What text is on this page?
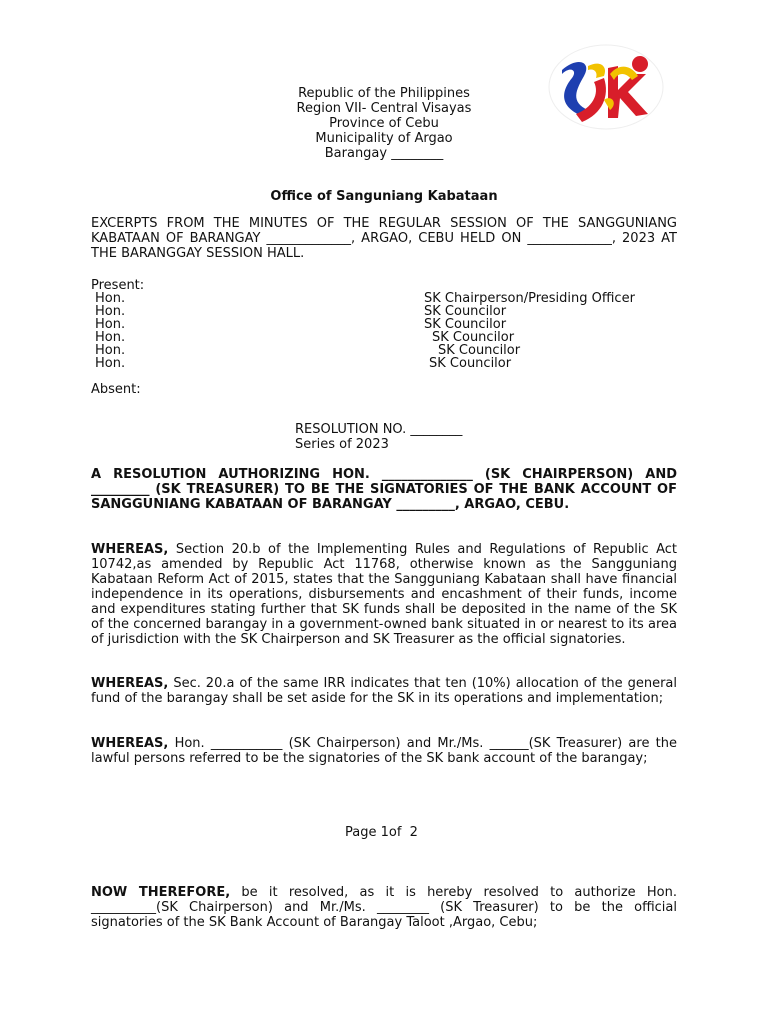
Republic of the Philippines
Region VII- Central Visayas
Province of Cebu
Municipality of Argao
Barangay ________
Office of Sanguniang Kabataan
EXCERPTS FROM THE MINUTES OF THE REGULAR SESSION OF THE SANGGUNIANG KABATAAN OF BARANGAY _____________, ARGAO, CEBU HELD ON _____________, 2023 AT THE BARANGGAY SESSION HALL.
Present:
Hon.	SK Chairperson/Presiding Officer
Hon.	SK Councilor
Hon.	SK Councilor
Hon.	SK Councilor
Hon.	SK Councilor
Hon.	SK Councilor
Absent:
RESOLUTION NO. ________
Series of 2023
A RESOLUTION AUTHORIZING HON. ______________ (SK CHAIRPERSON) AND _________ (SK TREASURER) TO BE THE SIGNATORIES OF THE BANK ACCOUNT OF SANGGUNIANG KABATAAN OF BARANGAY _________, ARGAO, CEBU.
WHEREAS, Section 20.b of the Implementing Rules and Regulations of Republic Act 10742,as amended by Republic Act 11768, otherwise known as the Sangguniang Kabataan Reform Act of 2015, states that the Sangguniang Kabataan shall have financial independence in its operations, disbursements and encashment of their funds, income and expenditures stating further that SK funds shall be deposited in the name of the SK of the concerned barangay in a government-owned bank situated in or nearest to its area of jurisdiction with the SK Chairperson and SK Treasurer as the official signatories.
WHEREAS, Sec. 20.a of the same IRR indicates that ten (10%) allocation of the general fund of the barangay shall be set aside for the SK in its operations and implementation;
WHEREAS, Hon. ___________ (SK Chairperson) and Mr./Ms. ______(SK Treasurer) are the lawful persons referred to be the signatories of the SK bank account of the barangay;
Page 1of  2
NOW THEREFORE, be it resolved, as it is hereby resolved to authorize Hon. __________(SK Chairperson) and Mr./Ms. ________ (SK Treasurer) to be the official signatories of the SK Bank Account of Barangay Taloot ,Argao, Cebu;
